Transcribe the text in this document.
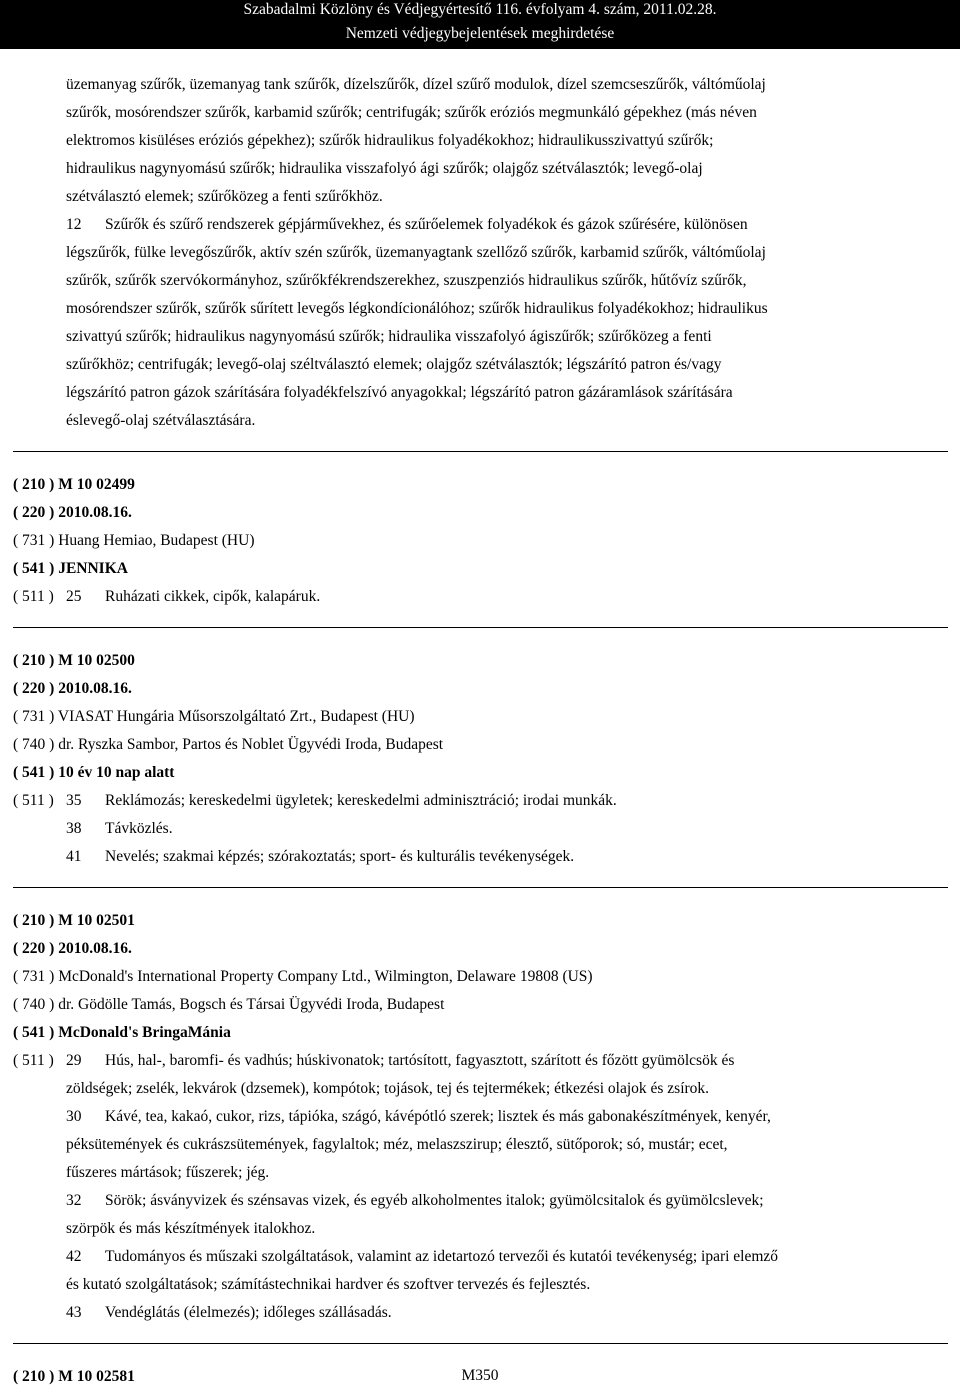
Szabadalmi Közlöny és Védjegyértesítő 116. évfolyam 4. szám, 2011.02.28.
Nemzeti védjegybejelentések meghirdetése
üzemanyag szűrők, üzemanyag tank szűrők, dízelszűrők, dízel szűrő modulok, dízel szemcseszűrők, váltóműolaj
szűrők, mosórendszer szűrők, karbamid szűrők; centrifugák; szűrők eróziós megmunkáló gépekhez (más néven
elektromos kisüléses eróziós gépekhez); szűrők hidraulikus folyadékokhoz; hidraulikusszivattyú szűrők;
hidraulikus nagynyomású szűrők; hidraulika visszafolyó ági szűrők; olajgőz szétválasztók; levegő-olaj
szétválasztó elemek; szűrőközeg a fenti szűrőkhöz.
12 Szűrők és szűrő rendszerek gépjárművekhez, és szűrőelemek folyadékok és gázok szűrésére, különösen
légszűrők, fülke levegőszűrők, aktív szén szűrők, üzemanyagtank szellőző szűrők, karbamid szűrők, váltóműolaj
szűrők, szűrők szervókormányhoz, szűrőkfékrendszerekhez, szuszpenziós hidraulikus szűrők, hűtővíz szűrők,
mosórendszer szűrők, szűrők sűrített levegős légkondícionálóhoz; szűrők hidraulikus folyadékokhoz; hidraulikus
szivattyú szűrők; hidraulikus nagynyomású szűrők; hidraulika visszafolyó ágiszűrők; szűrőközeg a fenti
szűrőkhöz; centrifugák; levegő-olaj széltválasztó elemek; olajgőz szétválasztók; légszárító patron és/vagy
légszárító patron gázok szárítására folyadékfelszívó anyagokkal; légszárító patron gázáramlások szárítására
éslevegő-olaj szétválasztására.
( 210 ) M 10 02499
( 220 ) 2010.08.16.
( 731 ) Huang Hemiao, Budapest (HU)
( 541 ) JENNIKA
( 511 ) 25	Ruházati cikkek, cipők, kalapáruk.
( 210 ) M 10 02500
( 220 ) 2010.08.16.
( 731 ) VIASAT Hungária Műsorszolgáltató Zrt., Budapest (HU)
( 740 ) dr. Ryszka Sambor, Partos és Noblet Ügyvédi Iroda, Budapest
( 541 ) 10 év 10 nap alatt
( 511 ) 35	Reklámozás; kereskedelmi ügyletek; kereskedelmi adminisztráció; irodai munkák.
38	Távközlés.
41	Nevelés; szakmai képzés; szórakoztatás; sport- és kulturális tevékenységek.
( 210 ) M 10 02501
( 220 ) 2010.08.16.
( 731 ) McDonald's International Property Company Ltd., Wilmington, Delaware 19808 (US)
( 740 ) dr. Gödölle Tamás, Bogsch és Társai Ügyvédi Iroda, Budapest
( 541 ) McDonald's BringaMánia
( 511 ) 29	Hús, hal-, baromfi- és vadhús; húskivonatok; tartósított, fagyasztott, szárított és főzött gyümölcsök és
zöldségek; zselék, lekvárok (dzsemek), kompótok; tojások, tej és tejtermékek; étkezési olajok és zsírok.
30	Kávé, tea, kakaó, cukor, rizs, tápióka, szágó, kávépótló szerek; lisztek és más gabonakészítmények, kenyér,
péksütemények és cukrászsütemények, fagylaltok; méz, melaszszirup; élesztő, sütőporok; só, mustár; ecet,
fűszeres mártások; fűszerek; jég.
32	Sörök; ásványvizek és szénsavas vizek, és egyéb alkoholmentes italok; gyümölcsitalok és gyümölcslevek;
szörpök és más készítmények italokhoz.
42	Tudományos és műszaki szolgáltatások, valamint az idetartozó tervezői és kutatói tevékenység; ipari elemző
és kutató szolgáltatások; számítástechnikai hardver és szoftver tervezés és fejlesztés.
43	Vendéglátás (élelmezés); időleges szállásadás.
( 210 ) M 10 02581	M350
